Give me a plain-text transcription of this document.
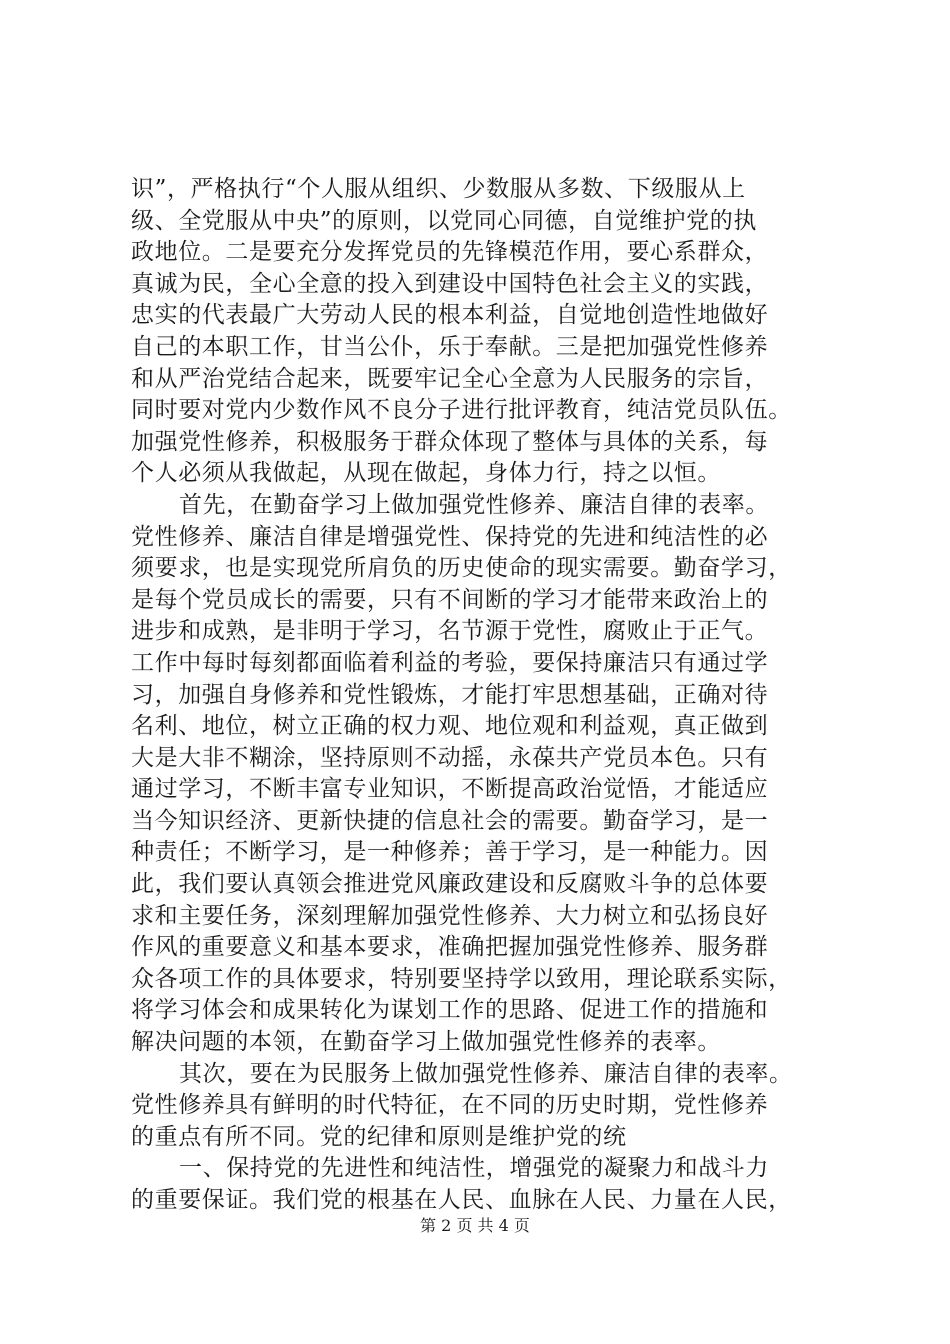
识”，严格执行“个人服从组织、少数服从多数、下级服从上
级、全党服从中央”的原则，以党同心同德，自觉维护党的执
政地位。二是要充分发挥党员的先锋模范作用，要心系群众，
真诚为民，全心全意的投入到建设中国特色社会主义的实践，
忠实的代表最广大劳动人民的根本利益，自觉地创造性地做好
自己的本职工作，甘当公仆，乐于奉献。三是把加强党性修养
和从严治党结合起来，既要牢记全心全意为人民服务的宗旨，
同时要对党内少数作风不良分子进行批评教育，纯洁党员队伍。
加强党性修养，积极服务于群众体现了整体与具体的关系，每
个人必须从我做起，从现在做起，身体力行，持之以恒。
首先，在勤奋学习上做加强党性修养、廉洁自律的表率。
党性修养、廉洁自律是增强党性、保持党的先进和纯洁性的必
须要求，也是实现党所肩负的历史使命的现实需要。勤奋学习，
是每个党员成长的需要，只有不间断的学习才能带来政治上的
进步和成熟，是非明于学习，名节源于党性，腐败止于正气。
工作中每时每刻都面临着利益的考验，要保持廉洁只有通过学
习，加强自身修养和党性锻炼，才能打牢思想基础，正确对待
名利、地位，树立正确的权力观、地位观和利益观，真正做到
大是大非不糊涂，坚持原则不动摇，永葆共产党员本色。只有
通过学习，不断丰富专业知识，不断提高政治觉悟，才能适应
当今知识经济、更新快捷的信息社会的需要。勤奋学习，是一
种责任；不断学习，是一种修养；善于学习，是一种能力。因
此，我们要认真领会推进党风廉政建设和反腐败斗争的总体要
求和主要任务，深刻理解加强党性修养、大力树立和弘扬良好
作风的重要意义和基本要求，准确把握加强党性修养、服务群
众各项工作的具体要求，特别要坚持学以致用，理论联系实际，
将学习体会和成果转化为谋划工作的思路、促进工作的措施和
解决问题的本领，在勤奋学习上做加强党性修养的表率。
其次，要在为民服务上做加强党性修养、廉洁自律的表率。
党性修养具有鲜明的时代特征，在不同的历史时期，党性修养
的重点有所不同。党的纪律和原则是维护党的统
一、保持党的先进性和纯洁性，增强党的凝聚力和战斗力
的重要保证。我们党的根基在人民、血脉在人民、力量在人民，
第 2 页 共 4 页
